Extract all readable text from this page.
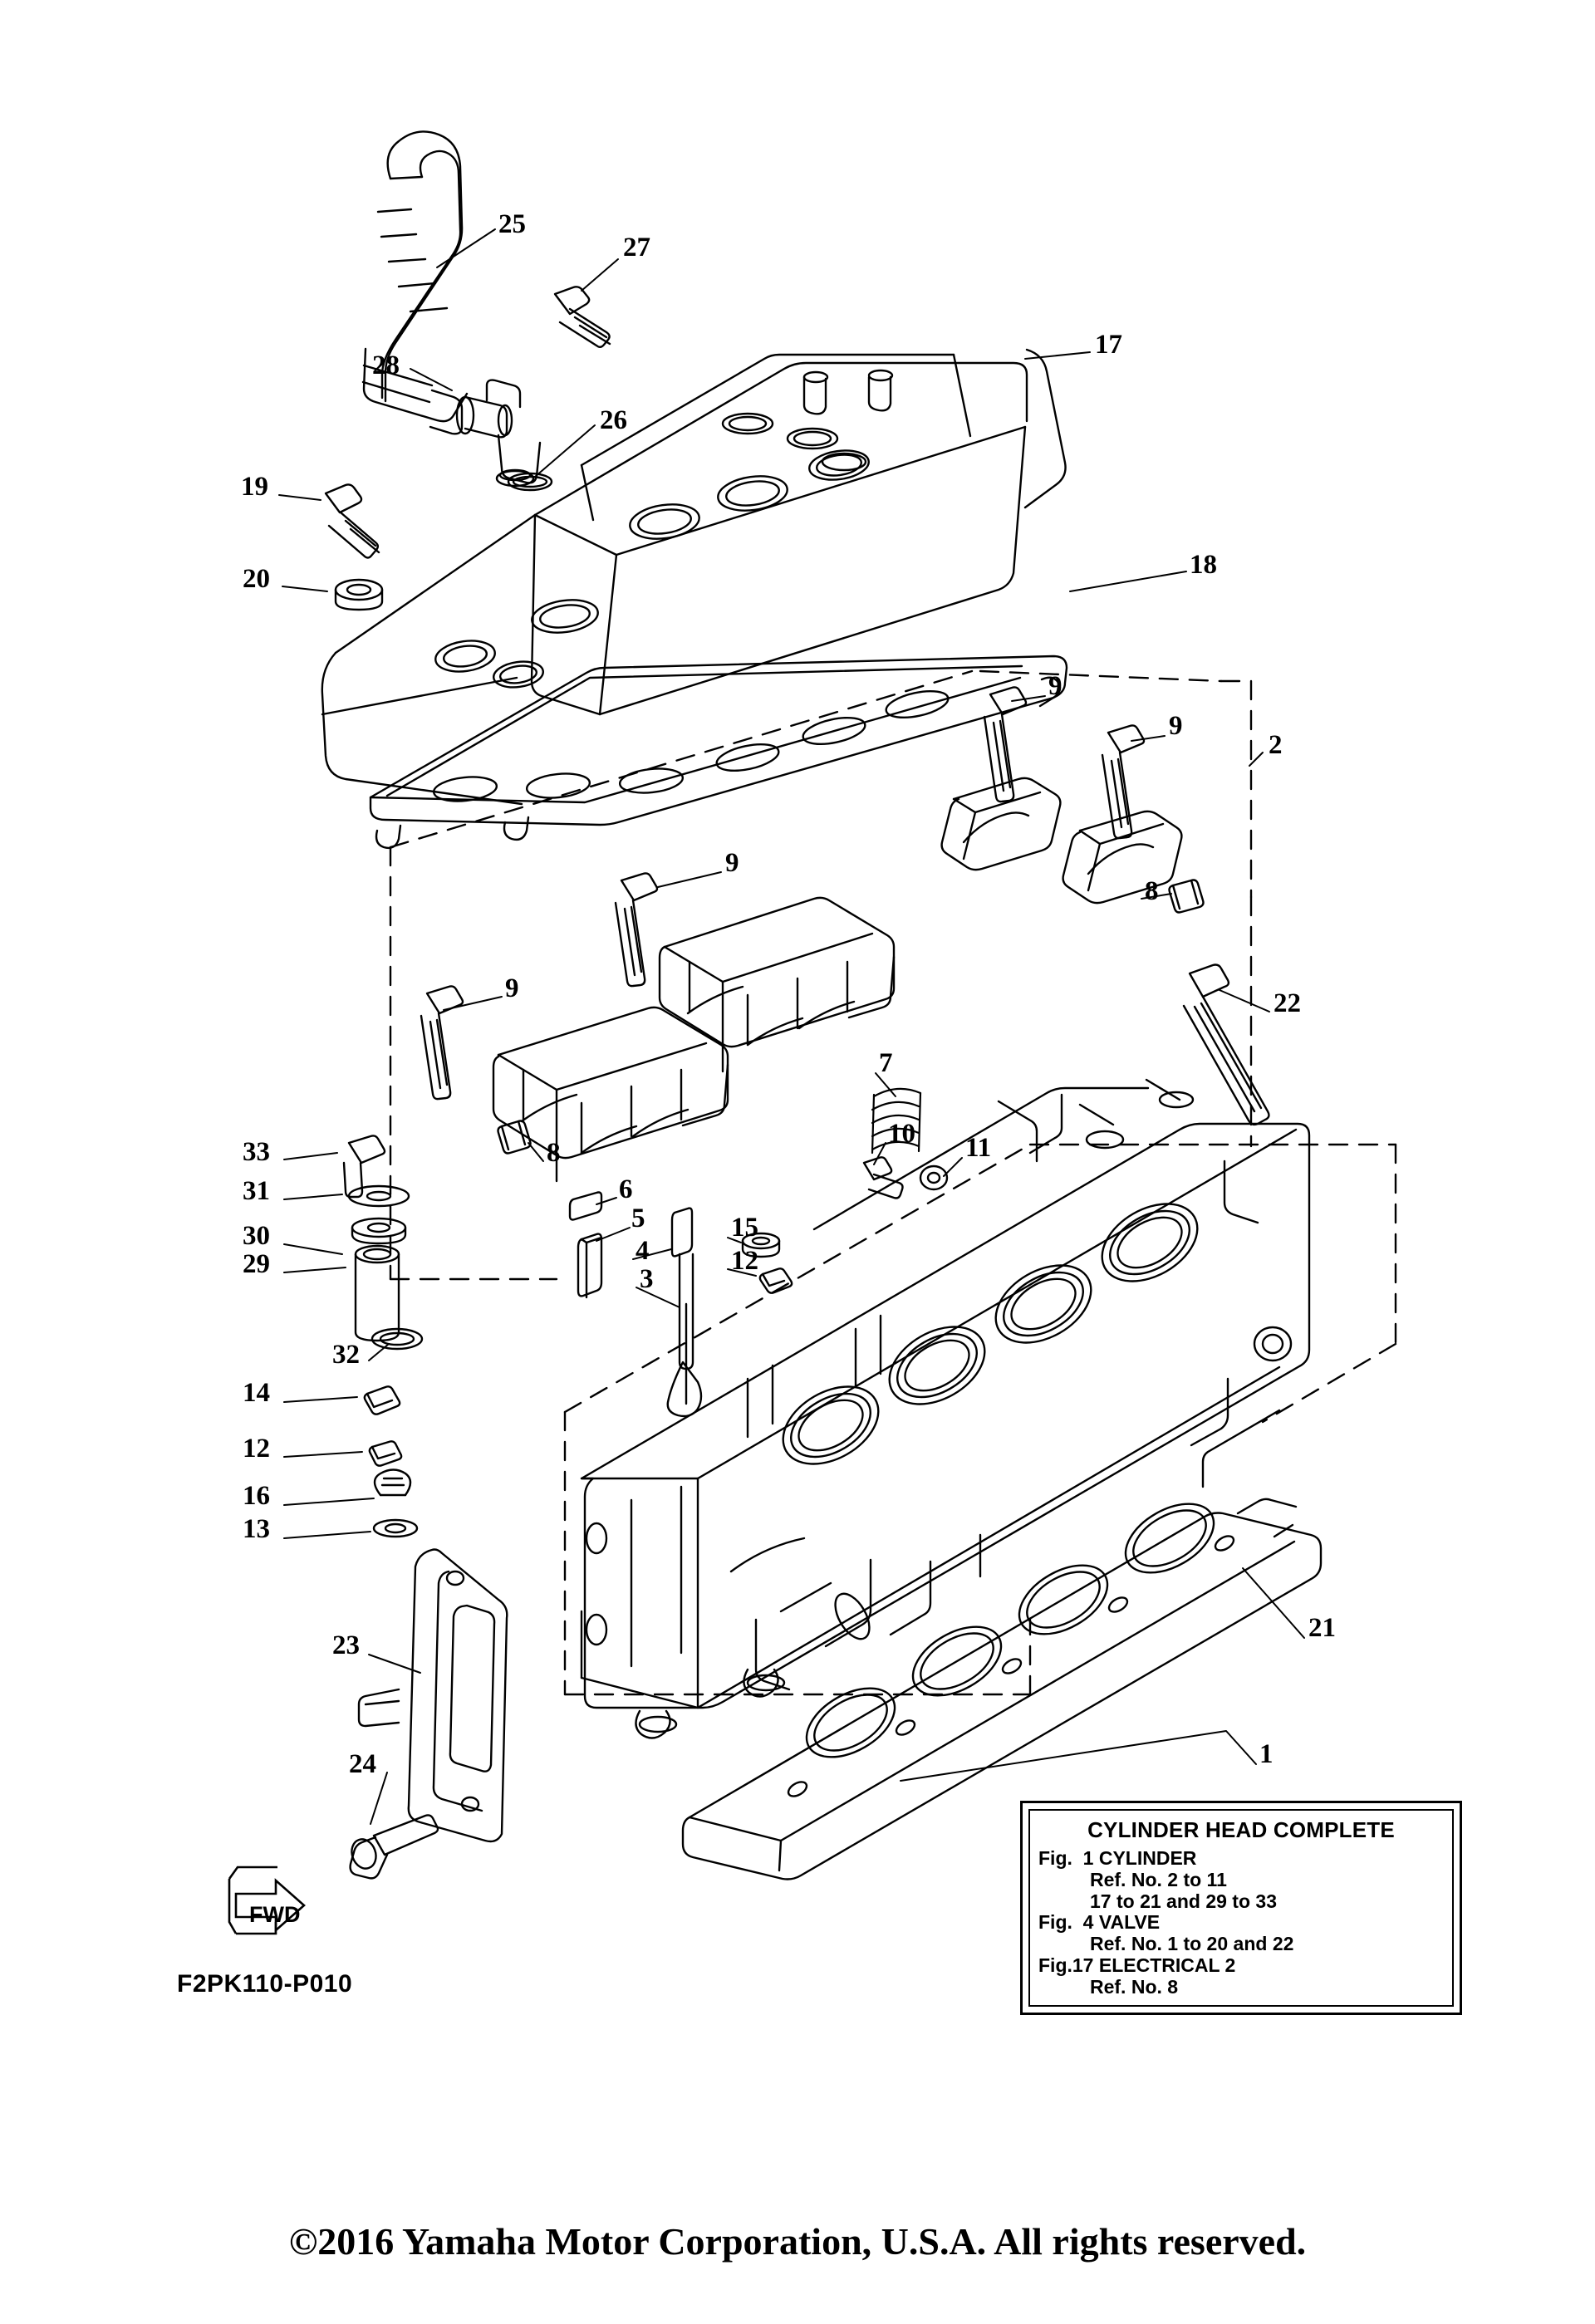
25
27
17
28
26
19
18
20
9
9
2
9
8
9	22
7
33	8
10 11
31	6
5	15
30	4	12
29	3
32
14
12
16
13
21
23
1
24
FWD
F2PK110-P010
CYLINDER HEAD COMPLETE
Fig.  1 CYLINDER
Ref. No. 2 to 11
17 to 21 and 29 to 33
Fig.  4 VALVE
Ref. No. 1 to 20 and 22
Fig.17 ELECTRICAL 2
Ref. No. 8
©2016 Yamaha Motor Corporation, U.S.A. All rights reserved.
